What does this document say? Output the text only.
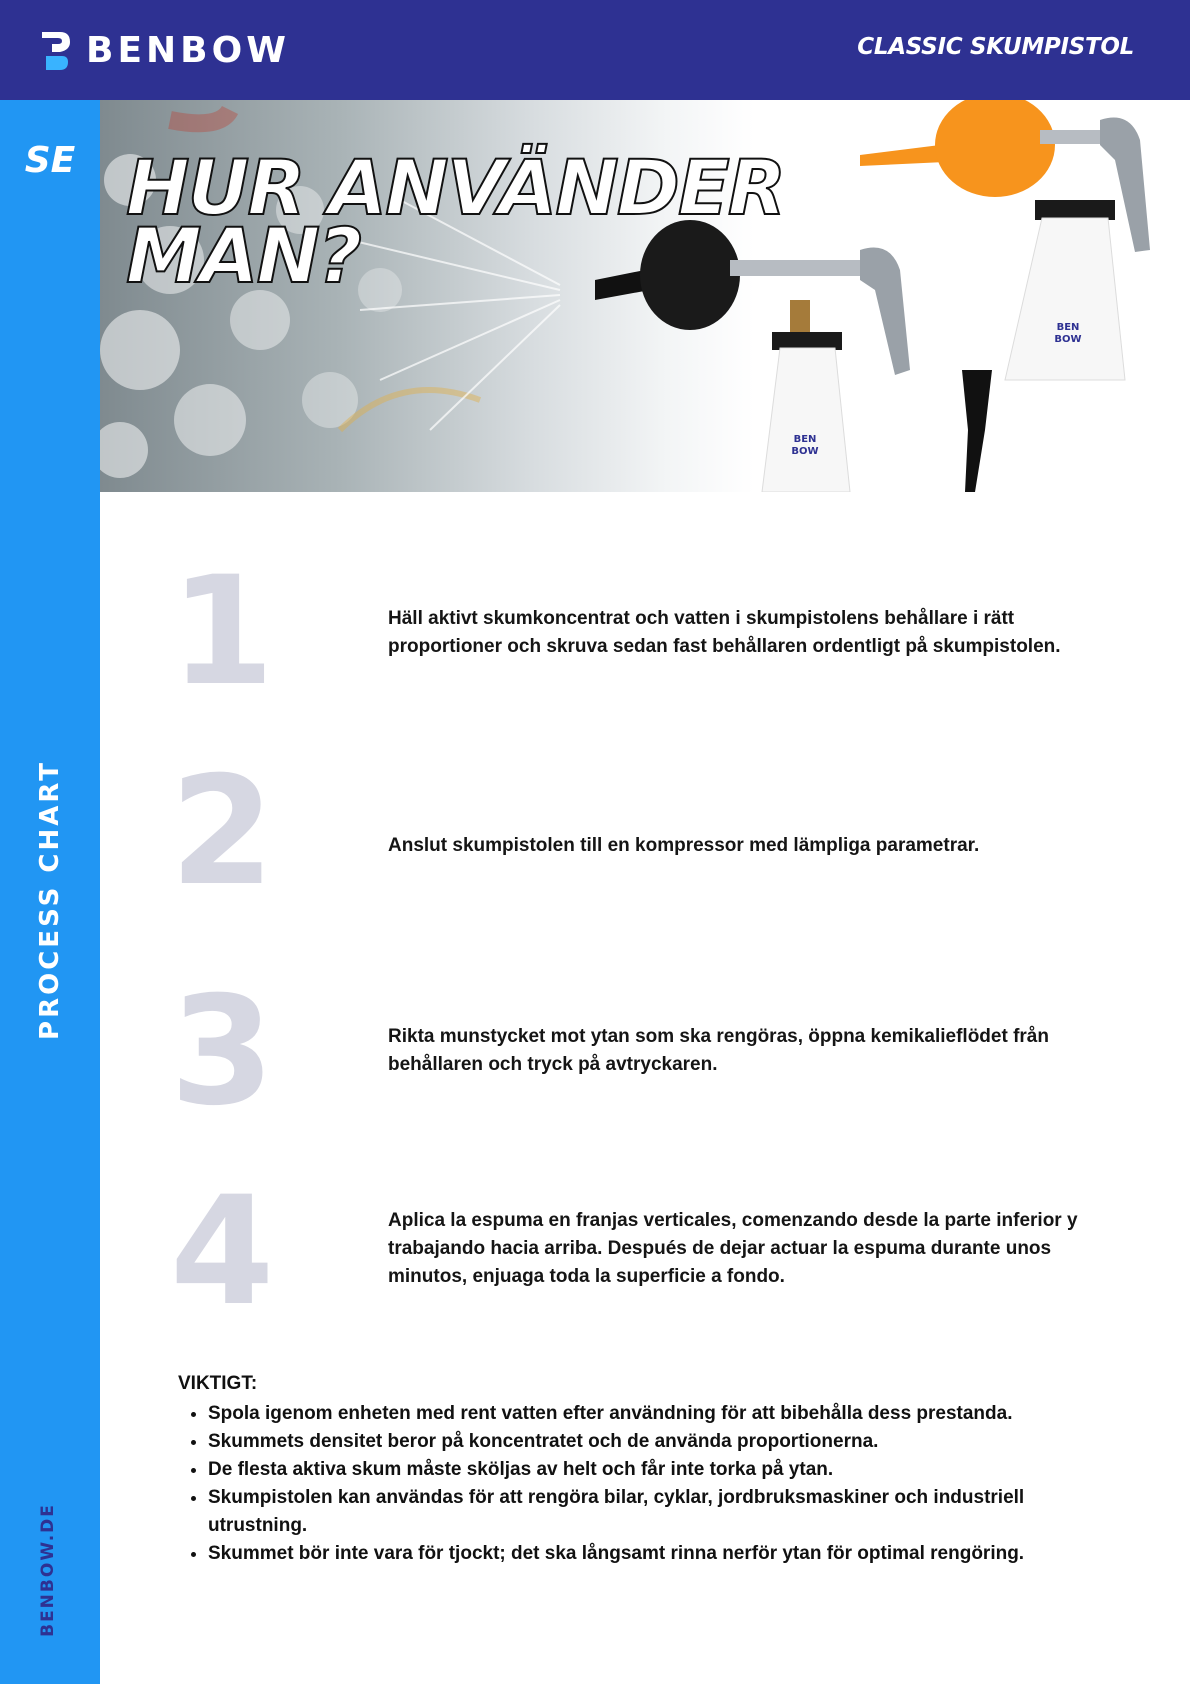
BENBOW	CLASSIC SKUMPISTOL
SE
PROCESS CHART
BENBOW.DE
BEN
BOW
BEN
BOW
HUR ANVÄNDER
MAN?
1	Häll aktivt skumkoncentrat och vatten i skumpistolens behållare i rätt proportioner och skruva sedan fast behållaren ordentligt på skumpistolen.
2	Anslut skumpistolen till en kompressor med lämpliga parametrar.
3	Rikta munstycket mot ytan som ska rengöras, öppna kemikalieflödet från behållaren och tryck på avtryckaren.
4	Aplica la espuma en franjas verticales, comenzando desde la parte inferior y trabajando hacia arriba. Después de dejar actuar la espuma durante unos minutos, enjuaga toda la superficie a fondo.
VIKTIGT:
• Spola igenom enheten med rent vatten efter användning för att bibehålla dess prestanda.
• Skummets densitet beror på koncentratet och de använda proportionerna.
• De flesta aktiva skum måste sköljas av helt och får inte torka på ytan.
• Skumpistolen kan användas för att rengöra bilar, cyklar, jordbruksmaskiner och industriell utrustning.
• Skummet bör inte vara för tjockt; det ska långsamt rinna nerför ytan för optimal rengöring.
